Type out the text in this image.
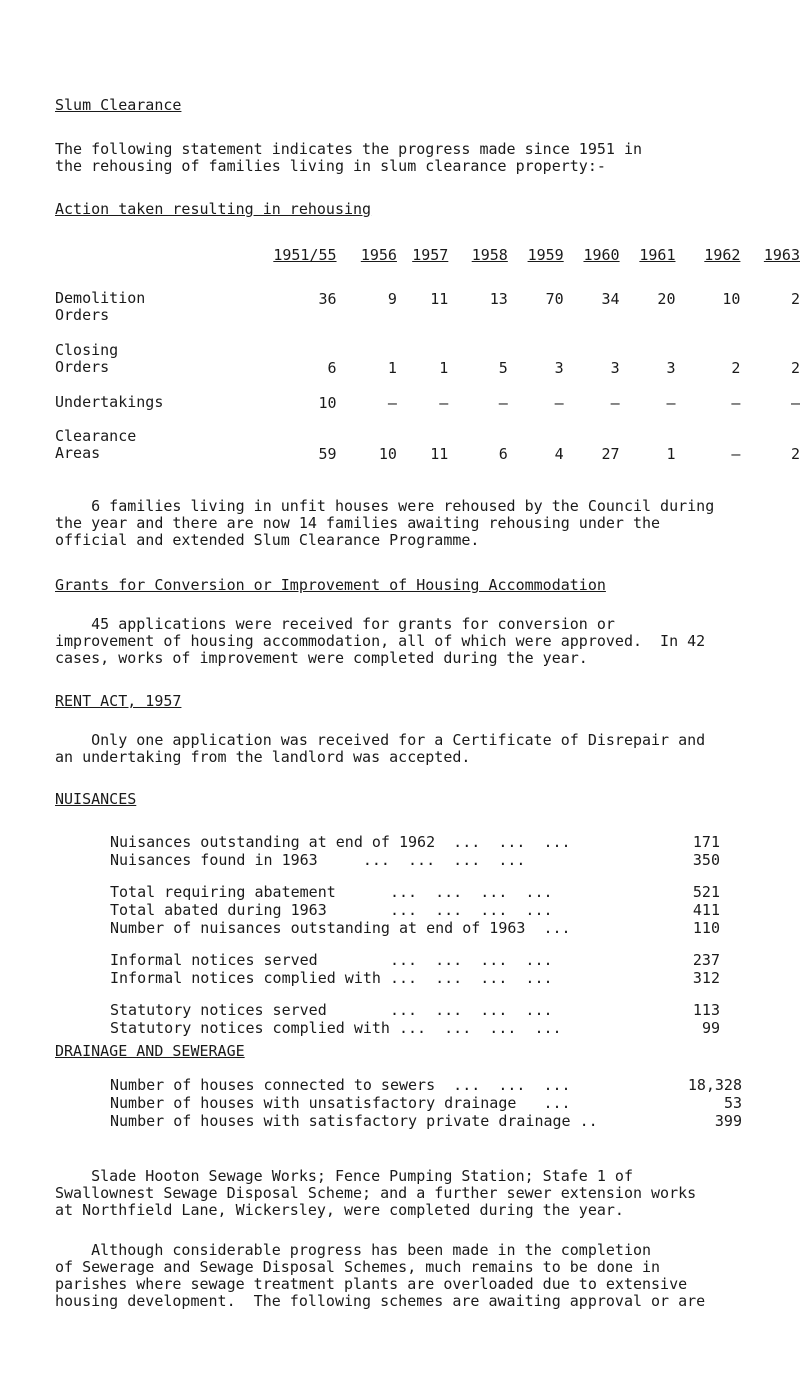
Slum Clearance
The following statement indicates the progress made since 1951 in
the rehousing of families living in slum clearance property:-
Action taken resulting in rehousing
	1951/55	1956	1957	1958	1959	1960	1961	1962	1963
Demolition
Orders	36	9	11	13	70	34	20	10	2
Closing
Orders	6	1	1	5	3	3	3	2	2
Undertakings	10	–	–	–	–	–	–	–	–
Clearance
Areas	59	10	11	6	4	27	1	–	2
6 families living in unfit houses were rehoused by the Council during
the year and there are now 14 families awaiting rehousing under the
official and extended Slum Clearance Programme.
Grants for Conversion or Improvement of Housing Accommodation
45 applications were received for grants for conversion or
improvement of housing accommodation, all of which were approved.  In 42
cases, works of improvement were completed during the year.
RENT ACT, 1957
Only one application was received for a Certificate of Disrepair and
an undertaking from the landlord was accepted.
NUISANCES
Nuisances outstanding at end of 1962  ...  ...  ...	171
Nuisances found in 1963     ...  ...  ...  ...	350
Total requiring abatement      ...  ...  ...  ...	521
Total abated during 1963       ...  ...  ...  ...	411
Number of nuisances outstanding at end of 1963  ...	110
Informal notices served        ...  ...  ...  ...	237
Informal notices complied with ...  ...  ...  ...	312
Statutory notices served       ...  ...  ...  ...	113
Statutory notices complied with ...  ...  ...  ...	99
DRAINAGE AND SEWERAGE
Number of houses connected to sewers  ...  ...  ...	18,328
Number of houses with unsatisfactory drainage   ...	53
Number of houses with satisfactory private drainage ..	399
Slade Hooton Sewage Works; Fence Pumping Station; Stafe 1 of
Swallownest Sewage Disposal Scheme; and a further sewer extension works
at Northfield Lane, Wickersley, were completed during the year.
Although considerable progress has been made in the completion
of Sewerage and Sewage Disposal Schemes, much remains to be done in
parishes where sewage treatment plants are overloaded due to extensive
housing development.  The following schemes are awaiting approval or are
